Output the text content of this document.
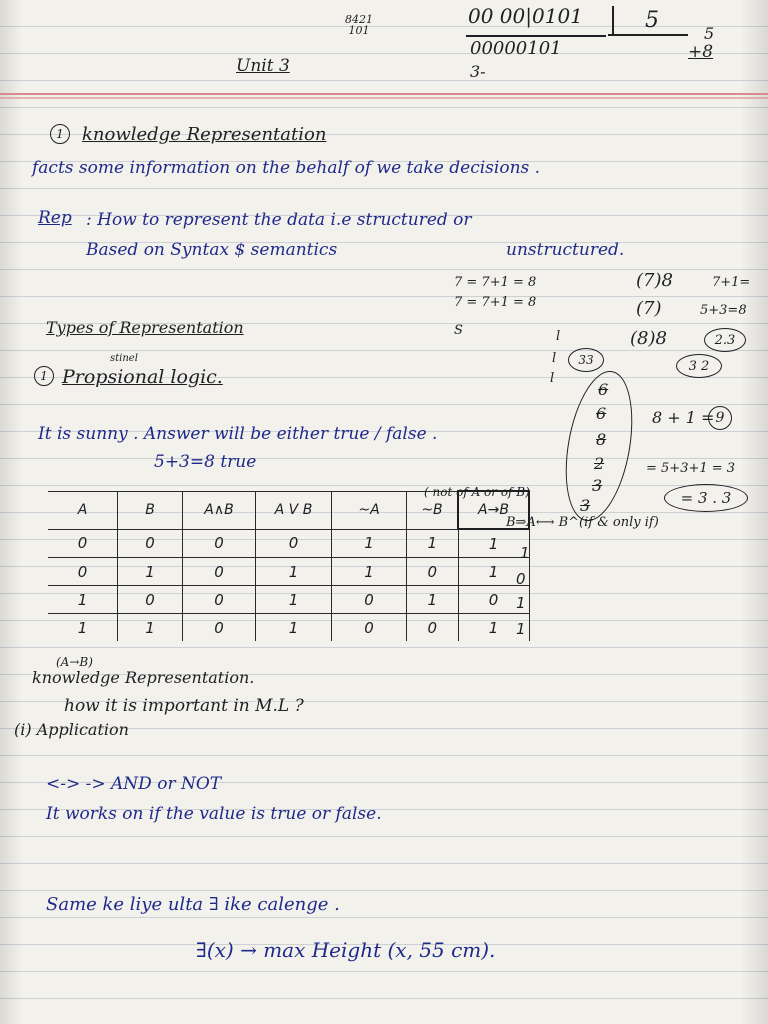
8421
101
Unit 3
00 00|0101
00000101
3-
5
5
+8
1	knowledge Representation
facts some information on the behalf of we take decisions .
Rep : How to represent the data i.e structured or
Based on Syntax $ semantics	unstructured.
7 = 7+1 = 8
7 = 7+1 = 8
S
(7)8	7+1=
(7)	5+3=8
(8)8	2.3
3 2
33
l
l
l
6
6
8
2
3
3
8 + 1 = 9
= 5+3+1 = 3
= 3 . 3
Types of Representation
1
stinel
Propsional logic.
It is sunny . Answer will be either true / false .
5+3=8 true
( not of A or of B)
A	B	A∧B	A V B	~A	~B	A→B
0	0	0	0	1	1	1
0	1	0	1	1	0	1
1	0	0	1	0	1	0
1	1	0	1	0	0	1
B⇒A⟷ B^(if & only if)
1
0
1
1
(A→B)
knowledge Representation.
how it is important in M.L ?
(i) Application
<-> -> AND or NOT
It works on if the value is true or false.
Same ke liye ulta ∃ ike calenge .
∃(x) → max Height (x, 55 cm).
